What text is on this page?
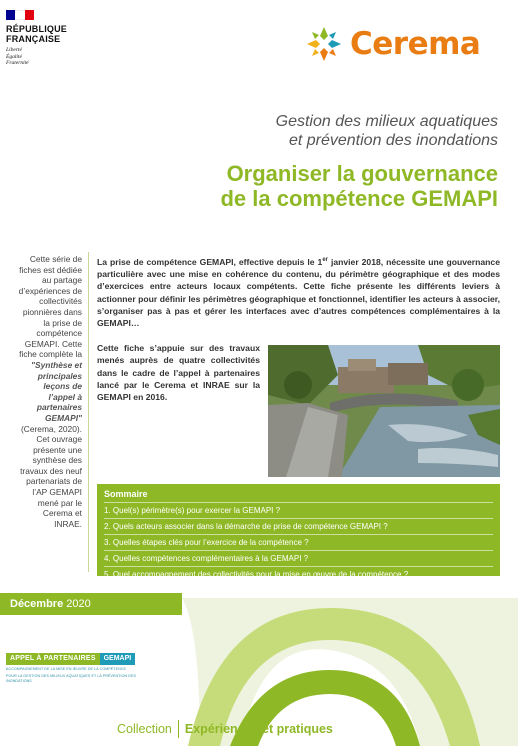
RÉPUBLIQUE
FRANÇAISE
Liberté
Égalité
Fraternité
Cerema
Gestion des milieux aquatiques
et prévention des inondations
Organiser la gouvernance
de la compétence GEMAPI
Cette série de fiches est dédiée au partage d’expériences de collectivités pionnières dans la prise de compétence GEMAPI. Cette fiche complète la "Synthèse et principales leçons de l’appel à partenaires GEMAPI" (Cerema, 2020). Cet ouvrage présente une synthèse des travaux des neuf partenariats de l’AP GEMAPI mené par le Cerema et INRAE.

La prise de compétence GEMAPI, effective depuis le 1er janvier 2018, nécessite une gouvernance particulière avec une mise en cohérence du contenu, du périmètre géographique et des modes d’exercices entre acteurs locaux compétents. Cette fiche présente les différents leviers à actionner pour définir les périmètres géographique et fonctionnel, identifier les acteurs à associer, s’organiser pas à pas et gérer les interfaces avec d’autres compétences complémentaires à la GEMAPI…

Cette fiche s’appuie sur des travaux menés auprès de quatre collectivités dans le cadre de l’appel à partenaires lancé par le Cerema et INRAE sur la GEMAPI en 2016.

Sommaire
1. Quel(s) périmètre(s) pour exercer la GEMAPI ?
2. Quels acteurs associer dans la démarche de prise de compétence GEMAPI ?
3. Quelles étapes clés pour l’exercice de la compétence ?
4. Quelles compétences complémentaires à la GEMAPI ?
5. Quel accompagnement des collectivités pour la mise en œuvre de la compétence ?
Décembre 2020
APPEL À PARTENAIRES	GEMAPI
ACCOMPAGNEMENT DE LA MISE EN ŒUVRE DE LA COMPÉTENCE
POUR LA GESTION DES MILIEUX AQUATIQUES ET LA PRÉVENTION DES INONDATIONS
Collection Expériences et pratiques
